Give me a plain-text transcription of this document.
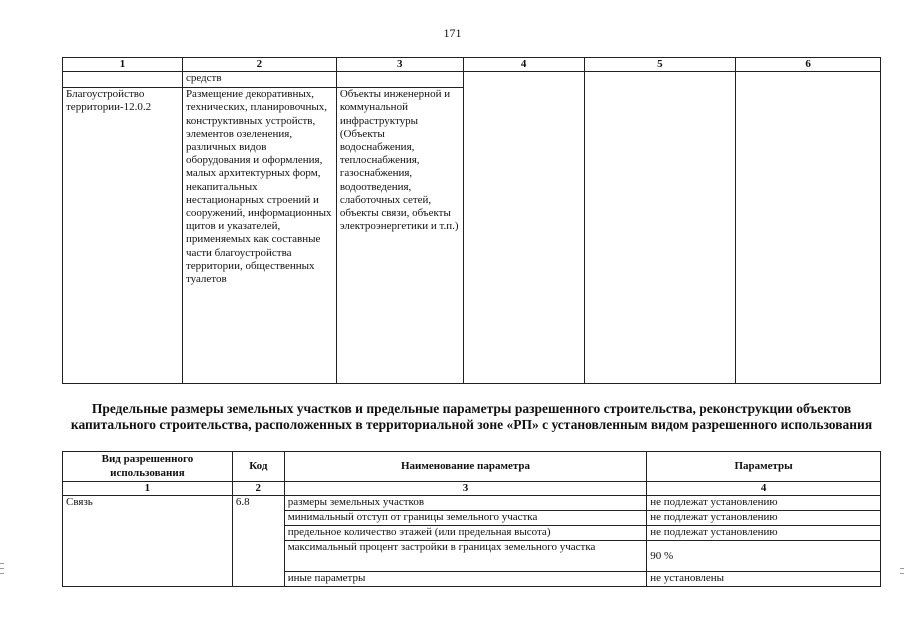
171
1	2	3	4	5	6
	средств				
Благоустройство территории-12.0.2	Размещение декоративных, технических, планировочных, конструктивных устройств, элементов озеленения, различных видов оборудования и оформления, малых архитектурных форм, некапитальных нестационарных строений и сооружений, информационных щитов и указателей, применяемых как составные части благоустройства территории, общественных туалетов	Объекты инженерной и коммунальной инфраструктуры (Объекты водоснабжения, теплоснабжения, газоснабжения, водоотведения, слаботочных сетей, объекты связи, объекты электроэнергетики и т.п.)			
Предельные размеры земельных участков и предельные параметры разрешенного строительства, реконструкции объектов капитального строительства, расположенных в территориальной зоне «РП» с установленным видом разрешенного использования
Вид разрешенного использования	Код	Наименование параметра	Параметры
1	2	3	4
Связь	6.8	размеры земельных участков	не подлежат установлению
		минимальный отступ от границы земельного участка	не подлежат установлению
		предельное количество этажей (или предельная высота)	не подлежат установлению
		максимальный процент застройки в границах земельного участка	90 %
		иные параметры	не установлены
